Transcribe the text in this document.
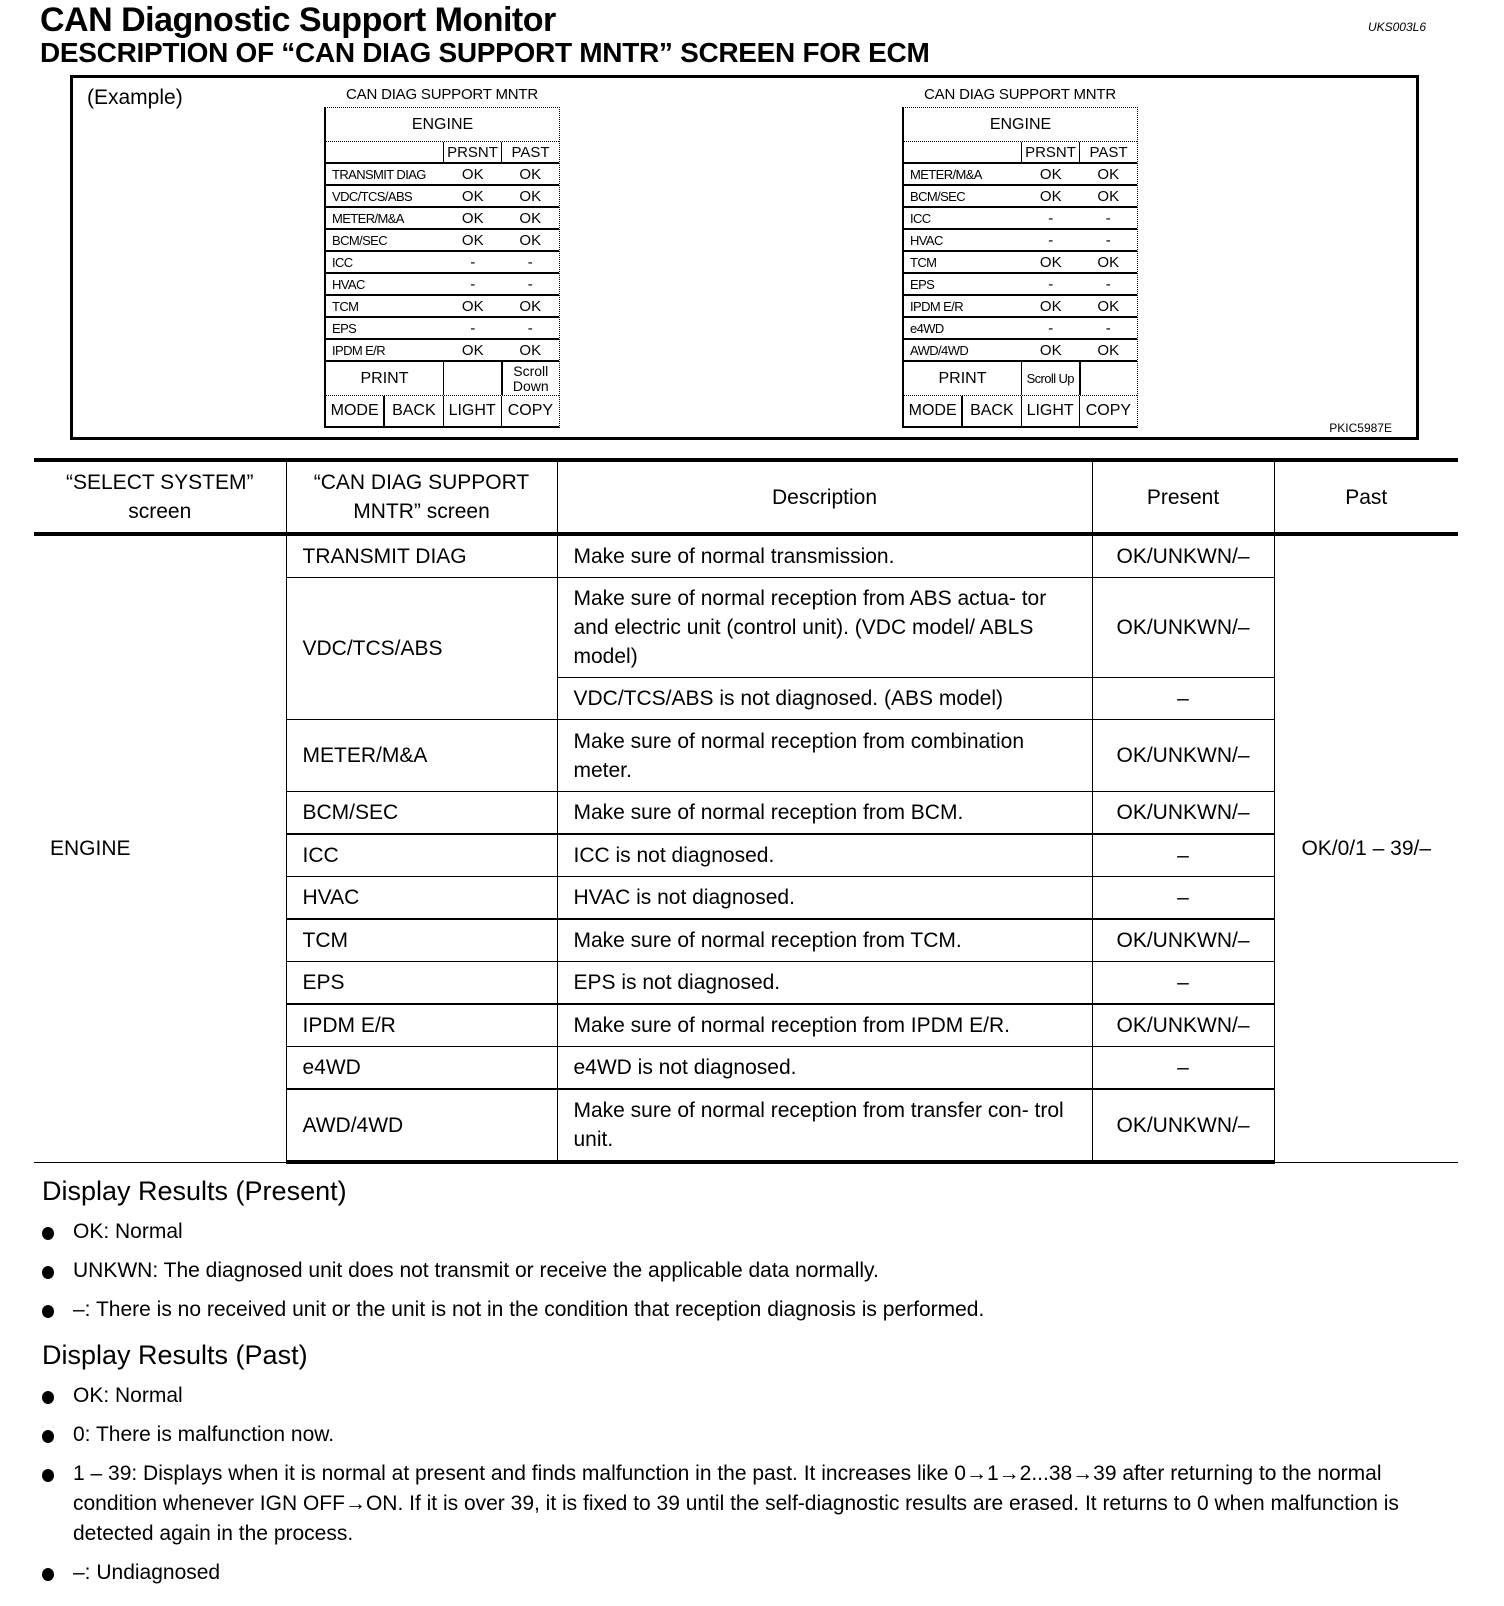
CAN Diagnostic Support Monitor
DESCRIPTION OF “CAN DIAG SUPPORT MNTR” SCREEN FOR ECM
UKS003L6
(Example)	CAN DIAG SUPPORT MNTR
ENGINE
PRSNT PAST
TRANSMIT DIAG	OK	OK
VDC/TCS/ABS	OK	OK
METER/M&A	OK	OK
BCM/SEC	OK	OK
ICC	-	-
HVAC	-	-
TCM	OK	OK
EPS	-	-
IPDM E/R	OK	OK
PRINT	Scroll
Down
MODE BACK LIGHT COPY
CAN DIAG SUPPORT MNTR
ENGINE
PRSNT PAST
METER/M&A	OK	OK
BCM/SEC	OK	OK
ICC	-	-
HVAC	-	-
TCM	OK	OK
EPS	-	-
IPDM E/R	OK	OK
e4WD	-	-
AWD/4WD	OK	OK
PRINT	Scroll Up
MODE BACK LIGHT COPY
PKIC5987E
“SELECT SYSTEM”
screen	“CAN DIAG SUPPORT
MNTR” screen	Description	Present	Past
ENGINE	TRANSMIT DIAG	Make sure of normal transmission.	OK/UNKWN/–	OK/0/1 – 39/–
	VDC/TCS/ABS	Make sure of normal reception from ABS actua- tor and electric unit (control unit). (VDC model/ ABLS model)	OK/UNKWN/–	
		VDC/TCS/ABS is not diagnosed. (ABS model)	–	
	METER/M&A	Make sure of normal reception from combination meter.	OK/UNKWN/–	
	BCM/SEC	Make sure of normal reception from BCM.	OK/UNKWN/–	
	ICC	ICC is not diagnosed.	–	
	HVAC	HVAC is not diagnosed.	–	
	TCM	Make sure of normal reception from TCM.	OK/UNKWN/–	
	EPS	EPS is not diagnosed.	–	
	IPDM E/R	Make sure of normal reception from IPDM E/R.	OK/UNKWN/–	
	e4WD	e4WD is not diagnosed.	–	
	AWD/4WD	Make sure of normal reception from transfer con- trol unit.	OK/UNKWN/–	
Display Results (Present)
OK: Normal
UNKWN: The diagnosed unit does not transmit or receive the applicable data normally.
–: There is no received unit or the unit is not in the condition that reception diagnosis is performed.
Display Results (Past)
OK: Normal
0: There is malfunction now.
1 – 39: Displays when it is normal at present and finds malfunction in the past. It increases like 0→1→2...38→39 after returning to the normal condition whenever IGN OFF→ON. If it is over 39, it is fixed to 39 until the self-diagnostic results are erased. It returns to 0 when malfunction is detected again in the process.
–: Undiagnosed
